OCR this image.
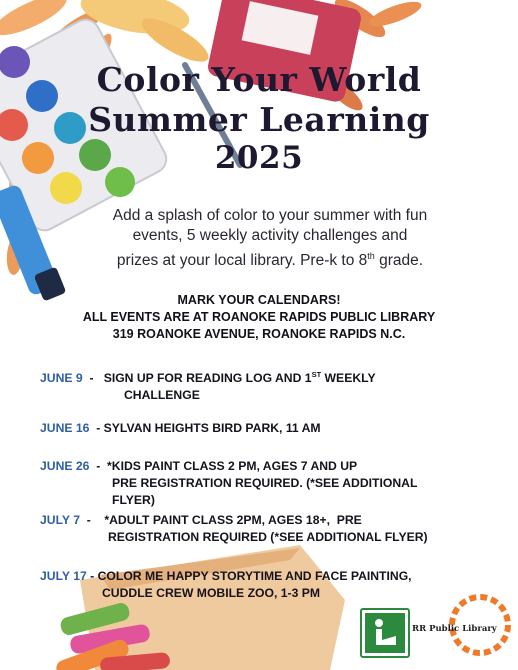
Color Your World
Summer Learning
2025
Add a splash of color to your summer with fun
events, 5 weekly activity challenges and
prizes at your local library. Pre-k to 8th grade.
MARK YOUR CALENDARS!
ALL EVENTS ARE AT ROANOKE RAPIDS PUBLIC LIBRARY
319 ROANOKE AVENUE, ROANOKE RAPIDS N.C.
JUNE 9  -   SIGN UP FOR READING LOG AND 1ST WEEKLY
CHALLENGE
JUNE 16  - SYLVAN HEIGHTS BIRD PARK, 11 AM
JUNE 26  -  *KIDS PAINT CLASS 2 PM, AGES 7 AND UP
PRE REGISTRATION REQUIRED. (*SEE ADDITIONAL
FLYER)
JULY 7  -    *ADULT PAINT CLASS 2PM, AGES 18+,  PRE
REGISTRATION REQUIRED (*SEE ADDITIONAL FLYER)
JULY 17 - COLOR ME HAPPY STORYTIME AND FACE PAINTING,
CUDDLE CREW MOBILE ZOO, 1-3 PM
RR Public Library
